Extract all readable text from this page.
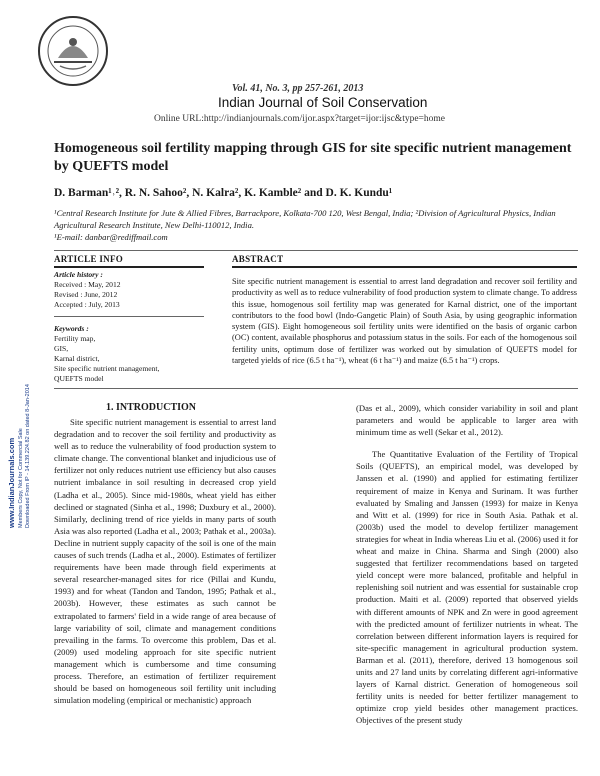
Vol. 41, No. 3, pp 257-261, 2013
Indian Journal of Soil Conservation
Online URL:http://indianjournals.com/ijor.aspx?target=ijor:ijsc&type=home
www.IndianJournals.com Members Copy, Not for Commercial Sale Downloaded From IP - 14.139.224.82 on dated 8-Jan-2014
Homogeneous soil fertility mapping through GIS for site specific nutrient management by QUEFTS model
D. Barman¹˒², R. N. Sahoo², N. Kalra², K. Kamble² and D. K. Kundu¹
¹Central Research Institute for Jute & Allied Fibres, Barrackpore, Kolkata-700 120, West Bengal, India; ²Division of Agricultural Physics, Indian Agricultural Research Institute, New Delhi-110012, India.
¹E-mail: danbar@rediffmail.com
ARTICLE INFO
Article history :
Received : May, 2012
Revised : June, 2012
Accepted : July, 2013
Keywords :
Fertility map,
GIS,
Karnal district,
Site specific nutrient management,
QUEFTS model
ABSTRACT
Site specific nutrient management is essential to arrest land degradation and recover soil fertility and productivity as well as to reduce vulnerability of food production system to climate change. To address this issue, homogenous soil fertility map was generated for Karnal district, one of the important contributors to the food bowl (Indo-Gangetic Plain) of South Asia, by using geographic information system (GIS). Eight homogeneous soil fertility units were identified on the basis of organic carbon (OC) content, available phosphorus and potassium status in the soils. For each of the homogenous soil fertility units, optimum dose of fertilizer was worked out by simulation of QUEFTS model for targeted yields of rice (6.5 t ha⁻¹), wheat (6 t ha⁻¹) and maize (6.5 t ha⁻¹) crops.
1. INTRODUCTION

Site specific nutrient management is essential to arrest land degradation and to recover the soil fertility and productivity as well as to reduce the vulnerability of food production system to climate change. The conventional blanket and injudicious use of fertilizer not only reduces nutrient use efficiency but also causes nutrient imbalance in soil resulting in decreased crop yield (Ladha et al., 2005). Since mid-1980s, wheat yield has either declined or stagnated (Sinha et al., 1998; Duxbury et al., 2000). Similarly, declining trend of rice yields in many parts of south Asia was also reported (Ladha et al., 2003; Pathak et al., 2003a). Decline in nutrient supply capacity of the soil is one of the main causes of such trends (Ladha et al., 2000). Estimates of fertilizer requirements have been made through field experiments at several researcher-managed sites for rice (Pillai and Kundu, 1993) and for wheat (Tandon and Tandon, 1995; Pathak et al., 2003b). However, these estimates as such cannot be extrapolated to farmers' field in a wide range of area because of large variability of soil, climate and management conditions prevailing in the farms. To overcome this problem, Das et al. (2009) used modeling approach for site specific nutrient management which is cumbersome and time consuming process. Therefore, an estimation of fertilizer requirement should be based on homogeneous soil fertility unit including simulation modeling (empirical or mechanistic) approach

(Das et al., 2009), which consider variability in soil and plant parameters and would be applicable to larger area with minimum time as well (Sekar et al., 2012).

The Quantitative Evaluation of the Fertility of Tropical Soils (QUEFTS), an empirical model, was developed by Janssen et al. (1990) and applied for estimating fertilizer requirement of maize in Kenya and Surinam. It was further evaluated by Smaling and Janssen (1993) for maize in Kenya and Witt et al. (1999) for rice in South Asia. Pathak et al. (2003b) used the model to develop fertilizer management strategies for wheat in India whereas Liu et al. (2006) used it for wheat and maize in China. Sharma and Singh (2000) also suggested that fertilizer recommendations based on targeted yield concept were more balanced, profitable and helpful in replenishing soil nutrient and was essential for sustainable crop production. Maiti et al. (2009) reported that observed yields with different amounts of NPK and Zn were in good agreement with the predicted amount of fertilizer nutrients in wheat. The correlation between different information layers is required for site-specific management in agricultural production system. Barman et al. (2011), therefore, derived 13 homogenous soil units and 27 land units by correlating different agri-informative layers of Karnal district. Generation of homogeneous soil fertility units is needed for better fertilizer management to optimize crop yield besides other management practices. Objectives of the present study
